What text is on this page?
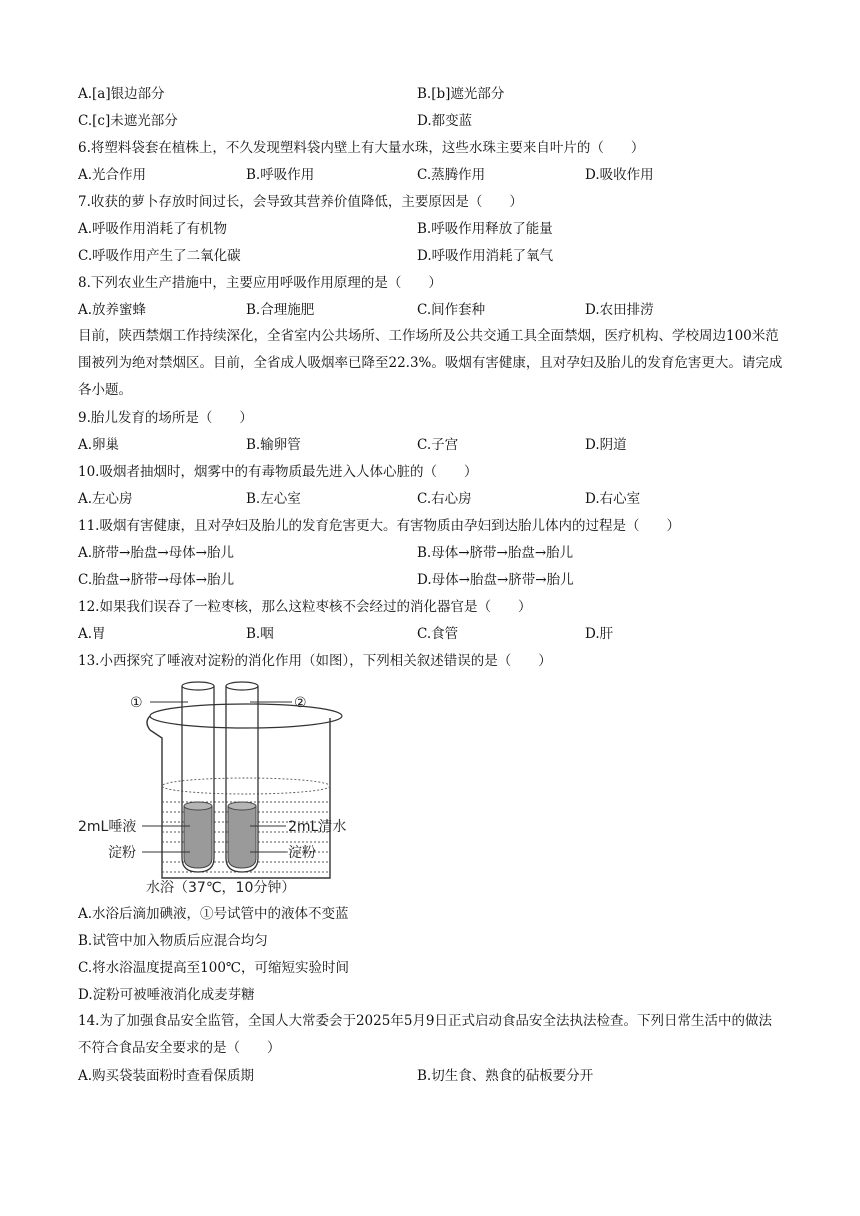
A.[a]银边部分	B.[b]遮光部分
C.[c]未遮光部分	D.都变蓝
6.将塑料袋套在植株上，不久发现塑料袋内壁上有大量水珠，这些水珠主要来自叶片的（　　）
A.光合作用	B.呼吸作用	C.蒸腾作用	D.吸收作用
7.收获的萝卜存放时间过长，会导致其营养价值降低，主要原因是（　　）
A.呼吸作用消耗了有机物	B.呼吸作用释放了能量
C.呼吸作用产生了二氧化碳	D.呼吸作用消耗了氧气
8.下列农业生产措施中，主要应用呼吸作用原理的是（　　）
A.放养蜜蜂	B.合理施肥	C.间作套种	D.农田排涝
目前，陕西禁烟工作持续深化，全省室内公共场所、工作场所及公共交通工具全面禁烟，医疗机构、学校周边100米范围被列为绝对禁烟区。目前，全省成人吸烟率已降至22.3%。吸烟有害健康，且对孕妇及胎儿的发育危害更大。请完成各小题。
9.胎儿发育的场所是（　　）
A.卵巢	B.输卵管	C.子宫	D.阴道
10.吸烟者抽烟时，烟雾中的有毒物质最先进入人体心脏的（　　）
A.左心房	B.左心室	C.右心房	D.右心室
11.吸烟有害健康，且对孕妇及胎儿的发育危害更大。有害物质由孕妇到达胎儿体内的过程是（　　）
A.脐带→胎盘→母体→胎儿	B.母体→脐带→胎盘→胎儿
C.胎盘→脐带→母体→胎儿	D.母体→胎盘→脐带→胎儿
12.如果我们误吞了一粒枣核，那么这粒枣核不会经过的消化器官是（　　）
A.胃	B.咽	C.食管	D.肝
13.小西探究了唾液对淀粉的消化作用（如图），下列相关叙述错误的是（　　）
①	②
2mL唾液
淀粉
2mL清水
淀粉
水浴（37℃，10分钟）
A.水浴后滴加碘液，①号试管中的液体不变蓝
B.试管中加入物质后应混合均匀
C.将水浴温度提高至100℃，可缩短实验时间
D.淀粉可被唾液消化成麦芽糖
14.为了加强食品安全监管，全国人大常委会于2025年5月9日正式启动食品安全法执法检查。下列日常生活中的做法不符合食品安全要求的是（　　）
A.购买袋装面粉时查看保质期	B.切生食、熟食的砧板要分开
